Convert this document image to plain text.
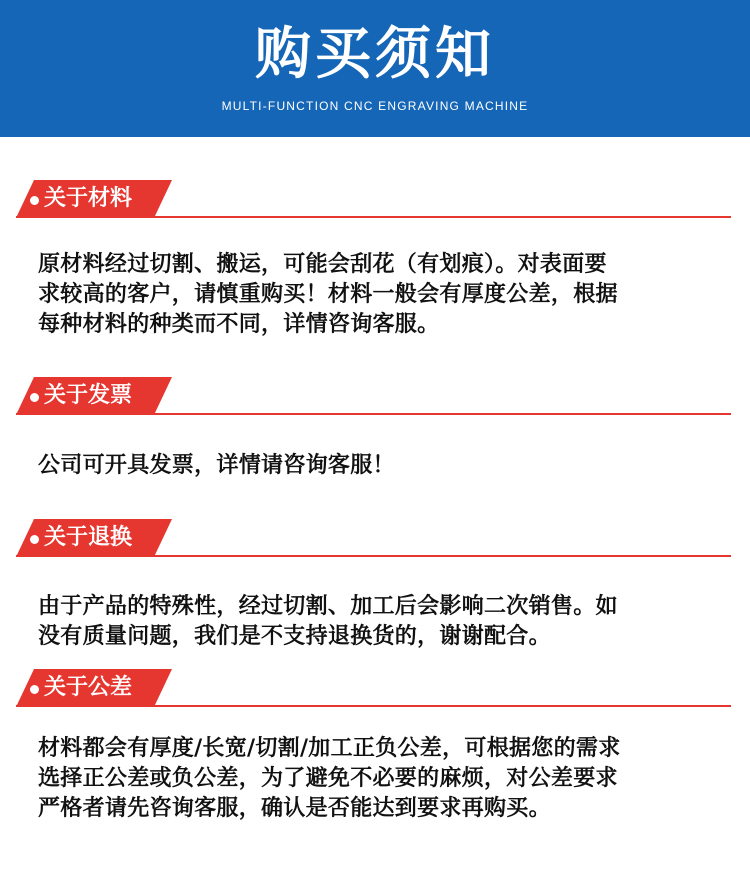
购买须知
MULTI-FUNCTION CNC ENGRAVING MACHINE
关于材料
原材料经过切割、搬运，可能会刮花（有划痕）。对表面要
求较高的客户，请慎重购买！材料一般会有厚度公差，根据
每种材料的种类而不同，详情咨询客服。
关于发票
公司可开具发票，详情请咨询客服！
关于退换
由于产品的特殊性，经过切割、加工后会影响二次销售。如
没有质量问题，我们是不支持退换货的，谢谢配合。
关于公差
材料都会有厚度/长宽/切割/加工正负公差，可根据您的需求
选择正公差或负公差，为了避免不必要的麻烦，对公差要求
严格者请先咨询客服，确认是否能达到要求再购买。
